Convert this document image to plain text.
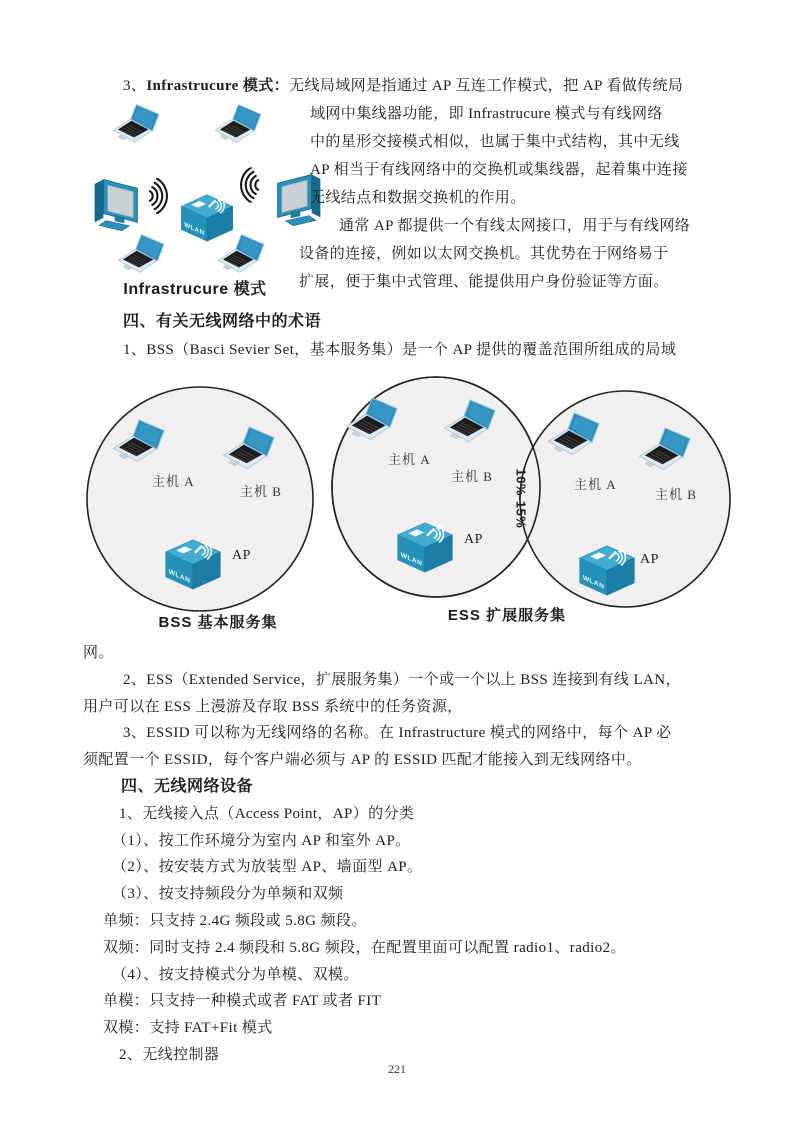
3、Infrastrucure 模式：无线局域网是指通过 AP 互连工作模式，把 AP 看做传统局
Infrastrucure 模式
域网中集线器功能，即 Infrastrucure 模式与有线网络
中的星形交接模式相似，也属于集中式结构，其中无线
AP 相当于有线网络中的交换机或集线器，起着集中连接
无线结点和数据交换机的作用。
通常 AP 都提供一个有线太网接口，用于与有线网络
设备的连接，例如以太网交换机。其优势在于网络易于
扩展，便于集中式管理、能提供用户身份验证等方面。
四、有关无线网络中的术语
1、BSS（Basci Sevier Set，基本服务集）是一个 AP 提供的覆盖范围所组成的局域
主机 A
主机 B
AP
主机 A
主机 B
AP
10%-15%	主机 A
主机 B
AP
BSS 基本服务集	ESS 扩展服务集
网。
2、ESS（Extended Service，扩展服务集）一个或一个以上 BSS 连接到有线 LAN，
用户可以在 ESS 上漫游及存取 BSS 系统中的任务资源，
3、ESSID 可以称为无线网络的名称。在 Infrastructure 模式的网络中，每个 AP 必
须配置一个 ESSID，每个客户端必须与 AP 的 ESSID 匹配才能接入到无线网络中。
四、无线网络设备
1、无线接入点（Access Point，AP）的分类
（1）、按工作环境分为室内 AP 和室外 AP。
（2）、按安装方式为放装型 AP、墙面型 AP。
（3）、按支持频段分为单频和双频
单频：只支持 2.4G 频段或 5.8G 频段。
双频：同时支持 2.4 频段和 5.8G 频段，在配置里面可以配置 radio1、radio2。
（4）、按支持模式分为单模、双模。
单模：只支持一种模式或者 FAT 或者 FIT
双模：支持 FAT+Fit 模式
2、无线控制器
221
